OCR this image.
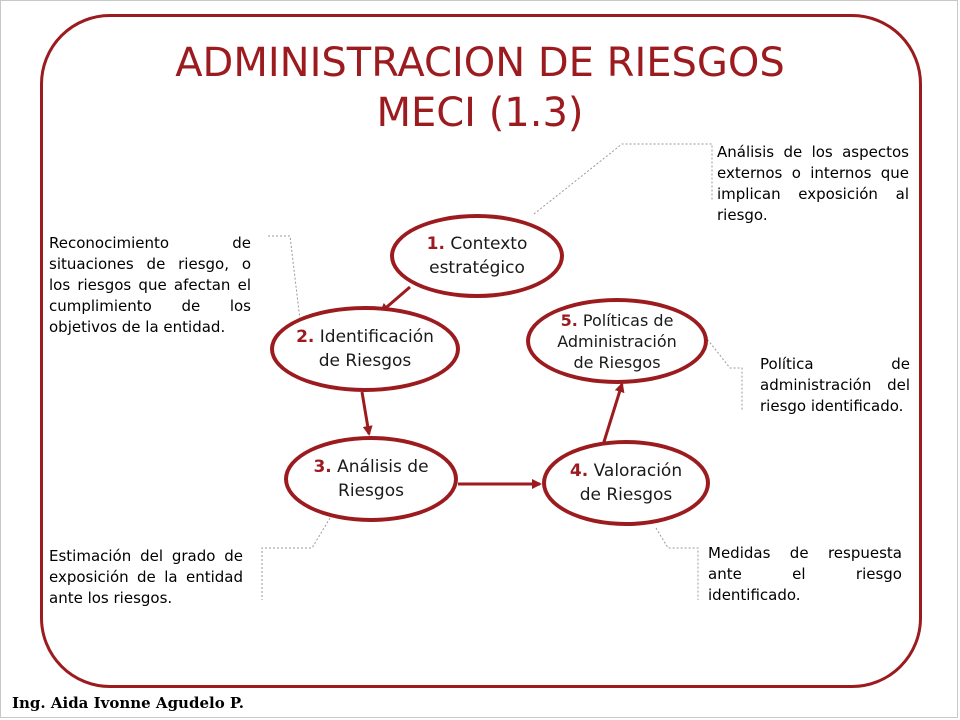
ADMINISTRACION DE RIESGOS
MECI (1.3)
1. Contexto
estratégico
2. Identificación
de Riesgos
3. Análisis de
Riesgos
4. Valoración
de Riesgos
5. Políticas de
Administración
de Riesgos
Análisis de los aspectos externos o internos que implican exposición al riesgo.
Reconocimiento de situaciones de riesgo, o los riesgos que afectan el cumplimiento de los objetivos de la entidad.
Estimación del grado de exposición de la entidad ante los riesgos.
Medidas de respuesta ante el riesgo identificado.
Política de administración del riesgo identificado.
Ing. Aida Ivonne Agudelo P.
